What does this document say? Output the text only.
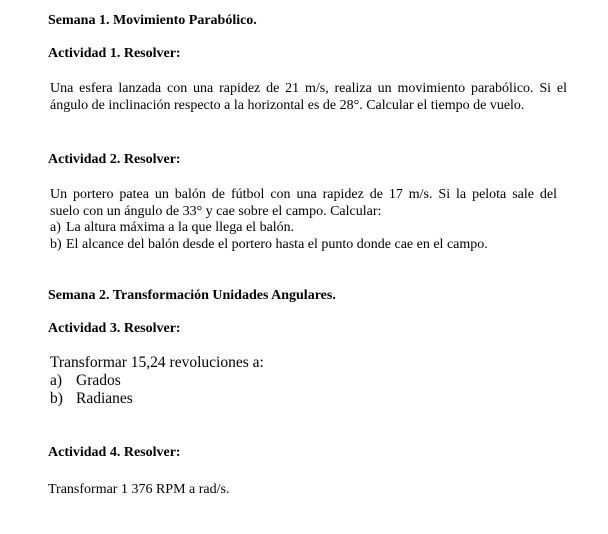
Semana 1. Movimiento Parabólico.

Actividad 1. Resolver:

Una esfera lanzada con una rapidez de 21 m/s, realiza un movimiento parabólico. Si el

ángulo de inclinación respecto a la horizontal es de 28°. Calcular el tiempo de vuelo.

Actividad 2. Resolver:

Un portero patea un balón de fútbol con una rapidez de 17 m/s. Si la pelota sale del

suelo con un ángulo de 33° y cae sobre el campo. Calcular:

a) La altura máxima a la que llega el balón.
b) El alcance del balón desde el portero hasta el punto donde cae en el campo.

Semana 2. Transformación Unidades Angulares.

Actividad 3. Resolver:

Transformar 15,24 revoluciones a:

a) Grados
b) Radianes

Actividad 4. Resolver:

Transformar 1 376 RPM a rad/s.
